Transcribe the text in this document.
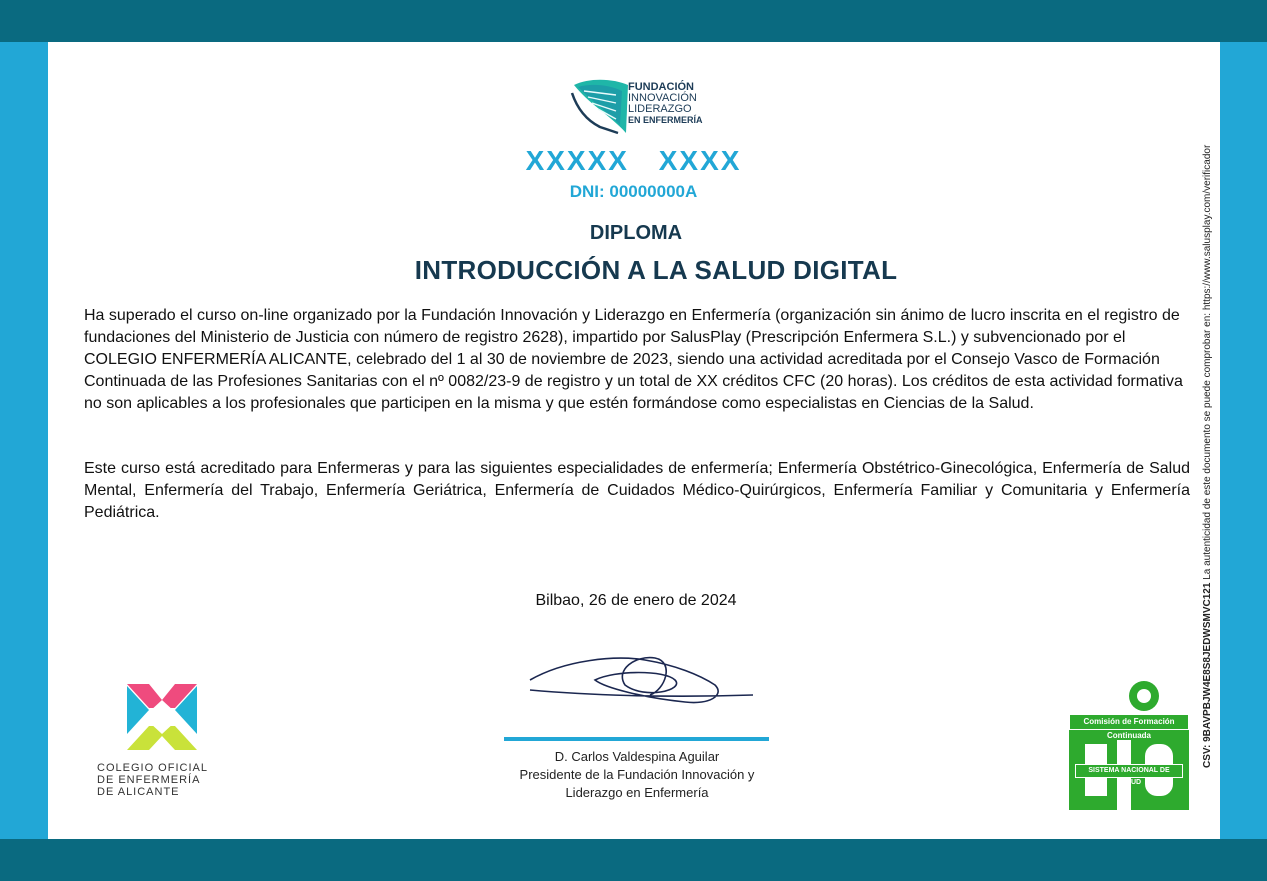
FUNDACIÓN
INNOVACIÓN
LIDERAZGO
EN ENFERMERÍA
XXXXX XXXX
DNI: 00000000A
DIPLOMA
INTRODUCCIÓN A LA SALUD DIGITAL
Ha superado el curso on-line organizado por la Fundación Innovación y Liderazgo en Enfermería (organización sin ánimo de lucro inscrita en el registro de fundaciones del Ministerio de Justicia con número de registro 2628), impartido por SalusPlay (Prescripción Enfermera S.L.) y subvencionado por el COLEGIO ENFERMERÍA ALICANTE, celebrado del 1 al 30 de noviembre de 2023, siendo una actividad acreditada por el Consejo Vasco de Formación Continuada de las Profesiones Sanitarias con el nº 0082/23-9 de registro y un total de XX créditos CFC (20 horas). Los créditos de esta actividad formativa no son aplicables a los profesionales que participen en la misma y que estén formándose como especialistas en Ciencias de la Salud.
Este curso está acreditado para Enfermeras y para las siguientes especialidades de enfermería; Enfermería Obstétrico-Ginecológica, Enfermería de Salud Mental, Enfermería del Trabajo, Enfermería Geriátrica, Enfermería de Cuidados Médico-Quirúrgicos, Enfermería Familiar y Comunitaria y Enfermería Pediátrica.
Bilbao, 26 de enero de 2024
D. Carlos Valdespina Aguilar
Presidente de la Fundación Innovación y
Liderazgo en Enfermería
COLEGIO OFICIAL
DE ENFERMERÍA
DE ALICANTE
Comisión de Formación Continuada
SISTEMA NACIONAL DE SALUD
CSV: 9BAVPBJW4E8S8JEDWSMVC121 La autenticidad de este documento se puede comprobar en: https://www.salusplay.com/verificador
